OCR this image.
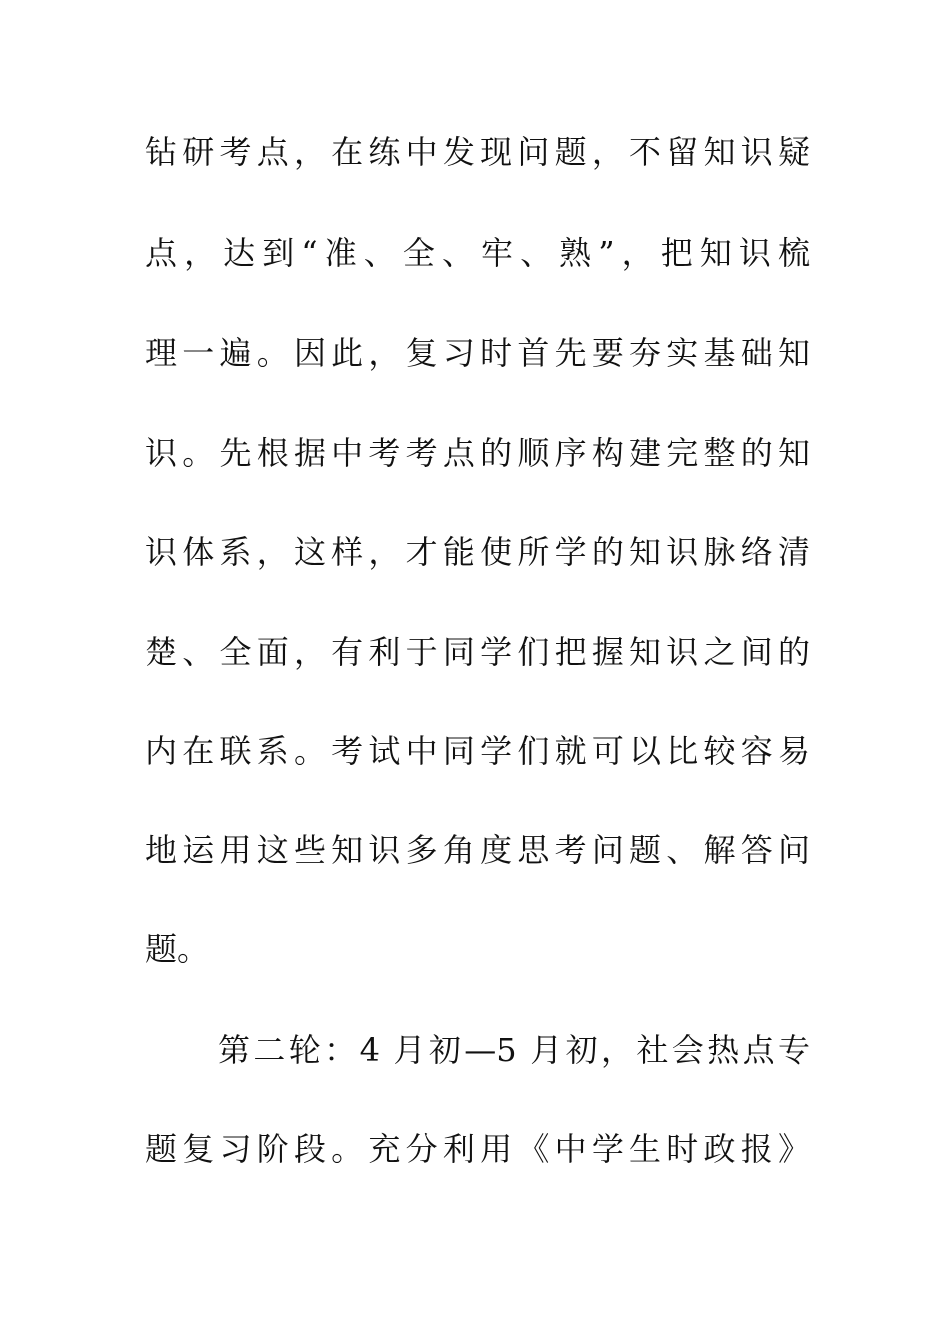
钻研考点，在练中发现问题，不留知识疑
点，达到“准、全、牢、熟”，把知识梳
理一遍。因此，复习时首先要夯实基础知
识。先根据中考考点的顺序构建完整的知
识体系，这样，才能使所学的知识脉络清
楚、全面，有利于同学们把握知识之间的
内在联系。考试中同学们就可以比较容易
地运用这些知识多角度思考问题、解答问
题。
第二轮：4 月初—5 月初，社会热点专
题复习阶段。充分利用《中学生时政报》
